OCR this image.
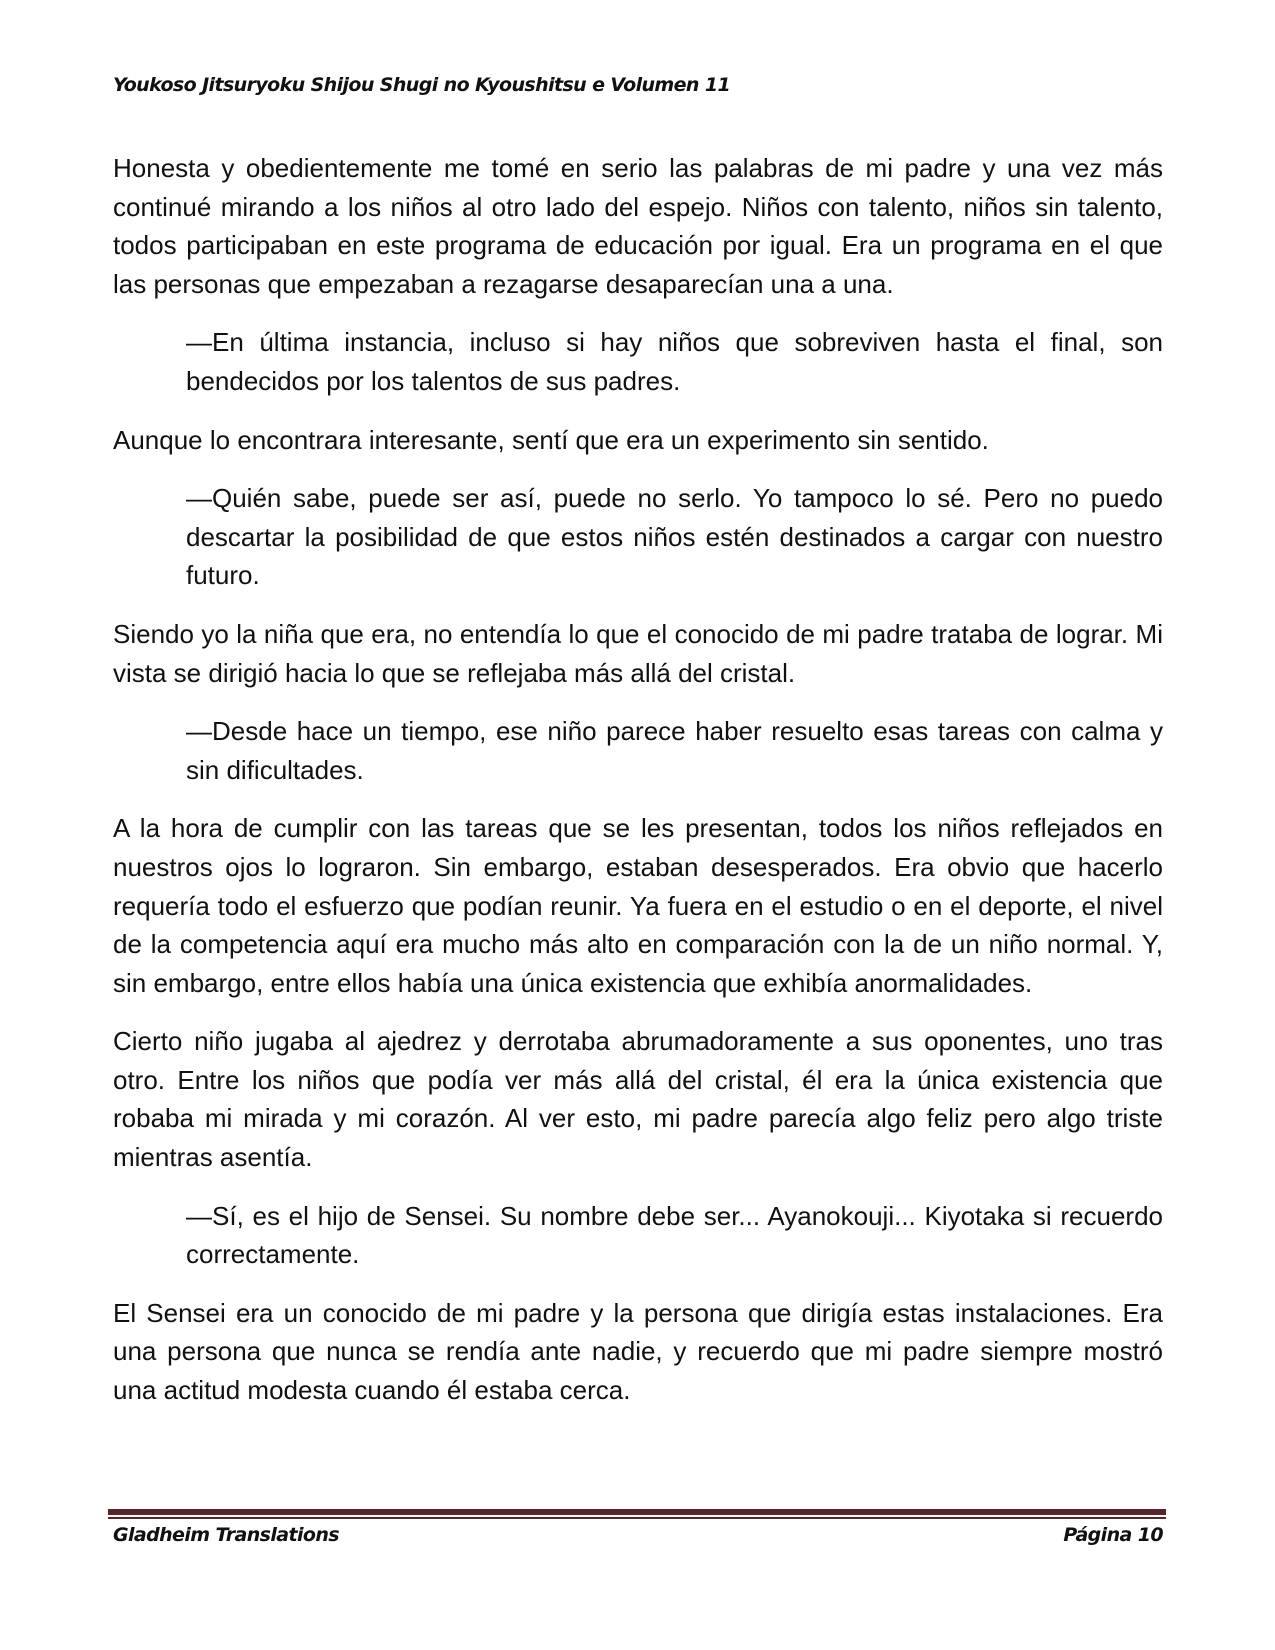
Youkoso Jitsuryoku Shijou Shugi no Kyoushitsu e Volumen 11

Honesta y obedientemente me tomé en serio las palabras de mi padre y una vez más continué mirando a los niños al otro lado del espejo. Niños con talento, niños sin talento, todos participaban en este programa de educación por igual. Era un programa en el que las personas que empezaban a rezagarse desaparecían una a una.

—En última instancia, incluso si hay niños que sobreviven hasta el final, son bendecidos por los talentos de sus padres.

Aunque lo encontrara interesante, sentí que era un experimento sin sentido.

—Quién sabe, puede ser así, puede no serlo. Yo tampoco lo sé. Pero no puedo descartar la posibilidad de que estos niños estén destinados a cargar con nuestro futuro.

Siendo yo la niña que era, no entendía lo que el conocido de mi padre trataba de lograr. Mi vista se dirigió hacia lo que se reflejaba más allá del cristal.

—Desde hace un tiempo, ese niño parece haber resuelto esas tareas con calma y sin dificultades.

A la hora de cumplir con las tareas que se les presentan, todos los niños reflejados en nuestros ojos lo lograron. Sin embargo, estaban desesperados. Era obvio que hacerlo requería todo el esfuerzo que podían reunir. Ya fuera en el estudio o en el deporte, el nivel de la competencia aquí era mucho más alto en comparación con la de un niño normal. Y, sin embargo, entre ellos había una única existencia que exhibía anormalidades.

Cierto niño jugaba al ajedrez y derrotaba abrumadoramente a sus oponentes, uno tras otro. Entre los niños que podía ver más allá del cristal, él era la única existencia que robaba mi mirada y mi corazón. Al ver esto, mi padre parecía algo feliz pero algo triste mientras asentía.

—Sí, es el hijo de Sensei. Su nombre debe ser... Ayanokouji... Kiyotaka si recuerdo correctamente.

El Sensei era un conocido de mi padre y la persona que dirigía estas instalaciones. Era una persona que nunca se rendía ante nadie, y recuerdo que mi padre siempre mostró una actitud modesta cuando él estaba cerca.

Gladheim Translations	Página 10
